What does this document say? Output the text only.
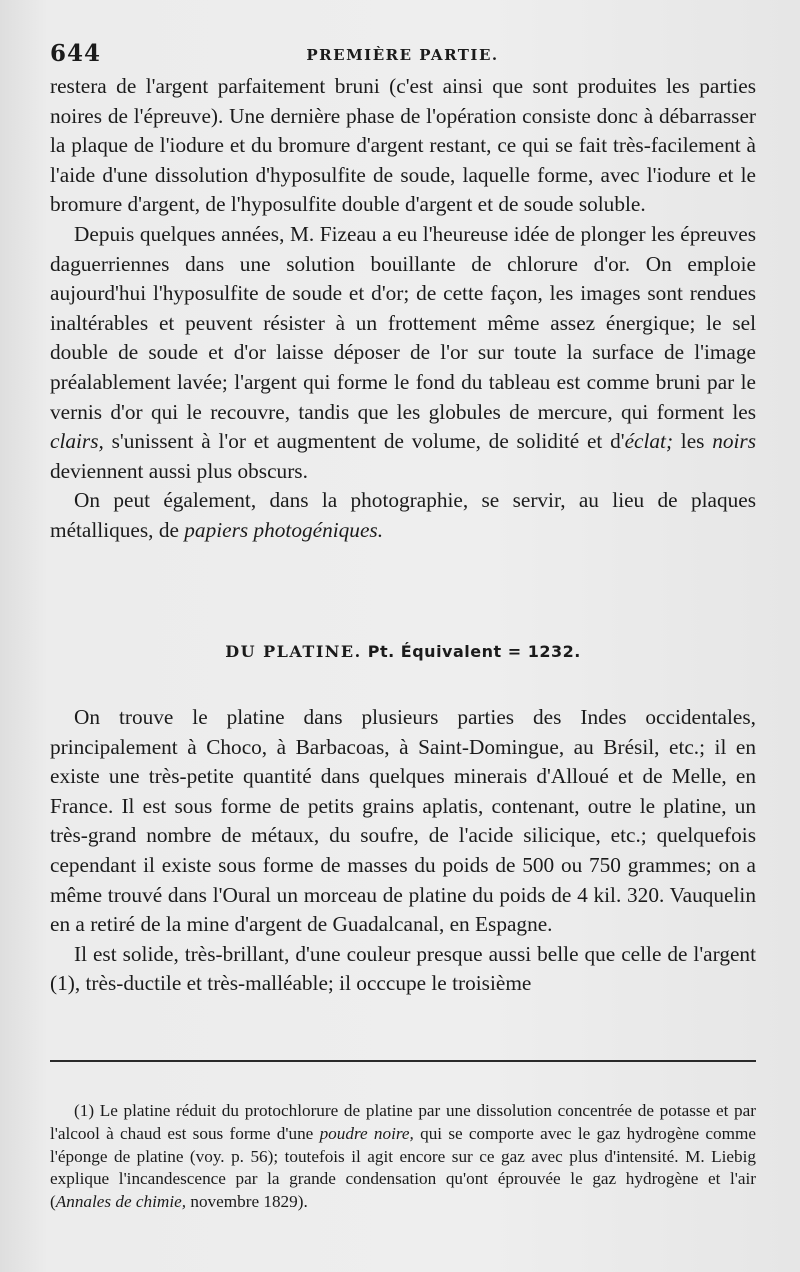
644	PREMIÈRE PARTIE.

restera de l'argent parfaitement bruni (c'est ainsi que sont produites les parties noires de l'épreuve). Une dernière phase de l'opération consiste donc à débarrasser la plaque de l'iodure et du bromure d'argent restant, ce qui se fait très-facilement à l'aide d'une dissolution d'hyposulfite de soude, laquelle forme, avec l'iodure et le bromure d'argent, de l'hyposulfite double d'argent et de soude soluble.

Depuis quelques années, M. Fizeau a eu l'heureuse idée de plonger les épreuves daguerriennes dans une solution bouillante de chlorure d'or. On emploie aujourd'hui l'hyposulfite de soude et d'or; de cette façon, les images sont rendues inaltérables et peuvent résister à un frottement même assez énergique; le sel double de soude et d'or laisse déposer de l'or sur toute la surface de l'image préalablement lavée; l'argent qui forme le fond du tableau est comme bruni par le vernis d'or qui le recouvre, tandis que les globules de mercure, qui forment les clairs, s'unissent à l'or et augmentent de volume, de solidité et d'éclat; les noirs deviennent aussi plus obscurs.

On peut également, dans la photographie, se servir, au lieu de plaques métalliques, de papiers photogéniques.

DU PLATINE. Pt. Équivalent = 1232.

On trouve le platine dans plusieurs parties des Indes occidentales, principalement à Choco, à Barbacoas, à Saint-Domingue, au Brésil, etc.; il en existe une très-petite quantité dans quelques minerais d'Alloué et de Melle, en France. Il est sous forme de petits grains aplatis, contenant, outre le platine, un très-grand nombre de métaux, du soufre, de l'acide silicique, etc.; quelquefois cependant il existe sous forme de masses du poids de 500 ou 750 grammes; on a même trouvé dans l'Oural un morceau de platine du poids de 4 kil. 320. Vauquelin en a retiré de la mine d'argent de Guadalcanal, en Espagne.

Il est solide, très-brillant, d'une couleur presque aussi belle que celle de l'argent (1), très-ductile et très-malléable; il occcupe le troisième

(1) Le platine réduit du protochlorure de platine par une dissolution concentrée de potasse et par l'alcool à chaud est sous forme d'une poudre noire, qui se comporte avec le gaz hydrogène comme l'éponge de platine (voy. p. 56); toutefois il agit encore sur ce gaz avec plus d'intensité. M. Liebig explique l'incandescence par la grande condensation qu'ont éprouvée le gaz hydrogène et l'air (Annales de chimie, novembre 1829).
